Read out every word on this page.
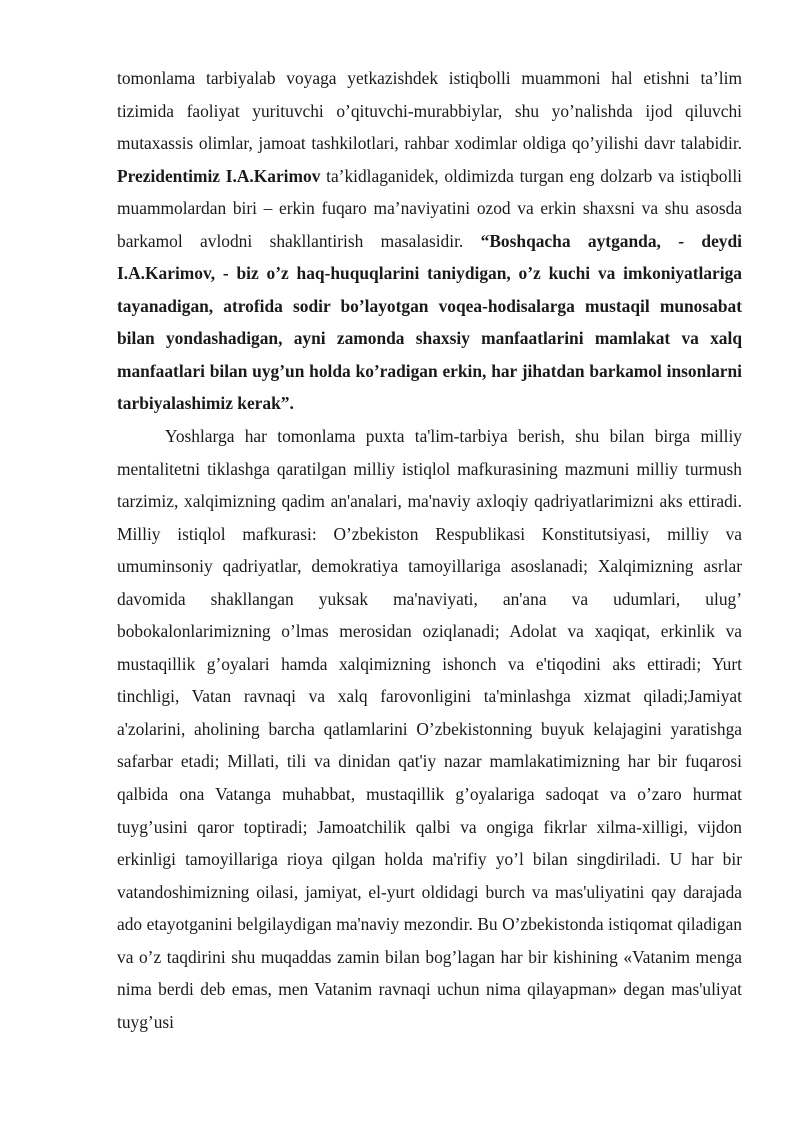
tomonlama tarbiyalab voyaga yetkazishdek istiqbolli muammoni hal etishni ta’lim tizimida faoliyat yurituvchi o’qituvchi-murabbiylar, shu yo’nalishda ijod qiluvchi mutaxassis olimlar, jamoat tashkilotlari, rahbar xodimlar oldiga qo’yilishi davr talabidir. Prezidentimiz I.A.Karimov ta’kidlaganidek, oldimizda turgan eng dolzarb va istiqbolli muammolardan biri – erkin fuqaro ma’naviyatini ozod va erkin shaxsni va shu asosda barkamol avlodni shakllantirish masalasidir. “Boshqacha aytganda, - deydi I.A.Karimov, - biz o’z haq-huquqlarini taniydigan, o’z kuchi va imkoniyatlariga tayanadigan, atrofida sodir bo’layotgan voqea-hodisalarga mustaqil munosabat bilan yondashadigan, ayni zamonda shaxsiy manfaatlarini mamlakat va xalq manfaatlari bilan uyg’un holda ko’radigan erkin, har jihatdan barkamol insonlarni tarbiyalashimiz kerak”.

Yoshlarga har tomonlama puxta ta'lim-tarbiya berish, shu bilan birga milliy mentalitetni tiklashga qaratilgan milliy istiqlol mafkurasining mazmuni milliy turmush tarzimiz, xalqimizning qadim an'analari, ma'naviy axloqiy qadriyatlarimizni aks ettiradi. Milliy istiqlol mafkurasi: O’zbekiston Respublikasi Konstitutsiyasi, milliy va umuminsoniy qadriyatlar, demokratiya tamoyillariga asoslanadi; Xalqimizning asrlar davomida shakllangan yuksak ma'naviyati, an'ana va udumlari, ulug’ bobokalonlarimizning o’lmas merosidan oziqlanadi; Adolat va xaqiqat, erkinlik va mustaqillik g’oyalari hamda xalqimizning ishonch va e'tiqodini aks ettiradi; Yurt tinchligi, Vatan ravnaqi va xalq farovonligini ta'minlashga xizmat qiladi;Jamiyat a'zolarini, aholining barcha qatlamlarini O’zbekistonning buyuk kelajagini yaratishga safarbar etadi; Millati, tili va dinidan qat'iy nazar mamlakatimizning har bir fuqarosi qalbida ona Vatanga muhabbat, mustaqillik g’oyalariga sadoqat va o’zaro hurmat tuyg’usini qaror toptiradi; Jamoatchilik qalbi va ongiga fikrlar xilma-xilligi, vijdon erkinligi tamoyillariga rioya qilgan holda ma'rifiy yo’l bilan singdiriladi. U har bir vatandoshimizning oilasi, jamiyat, el-yurt oldidagi burch va mas'uliyatini qay darajada ado etayotganini belgilaydigan ma'naviy mezondir. Bu O’zbekistonda istiqomat qiladigan va o’z taqdirini shu muqaddas zamin bilan bog’lagan har bir kishining «Vatanim menga nima berdi deb emas, men Vatanim ravnaqi uchun nima qilayapman» degan mas'uliyat tuyg’usi
